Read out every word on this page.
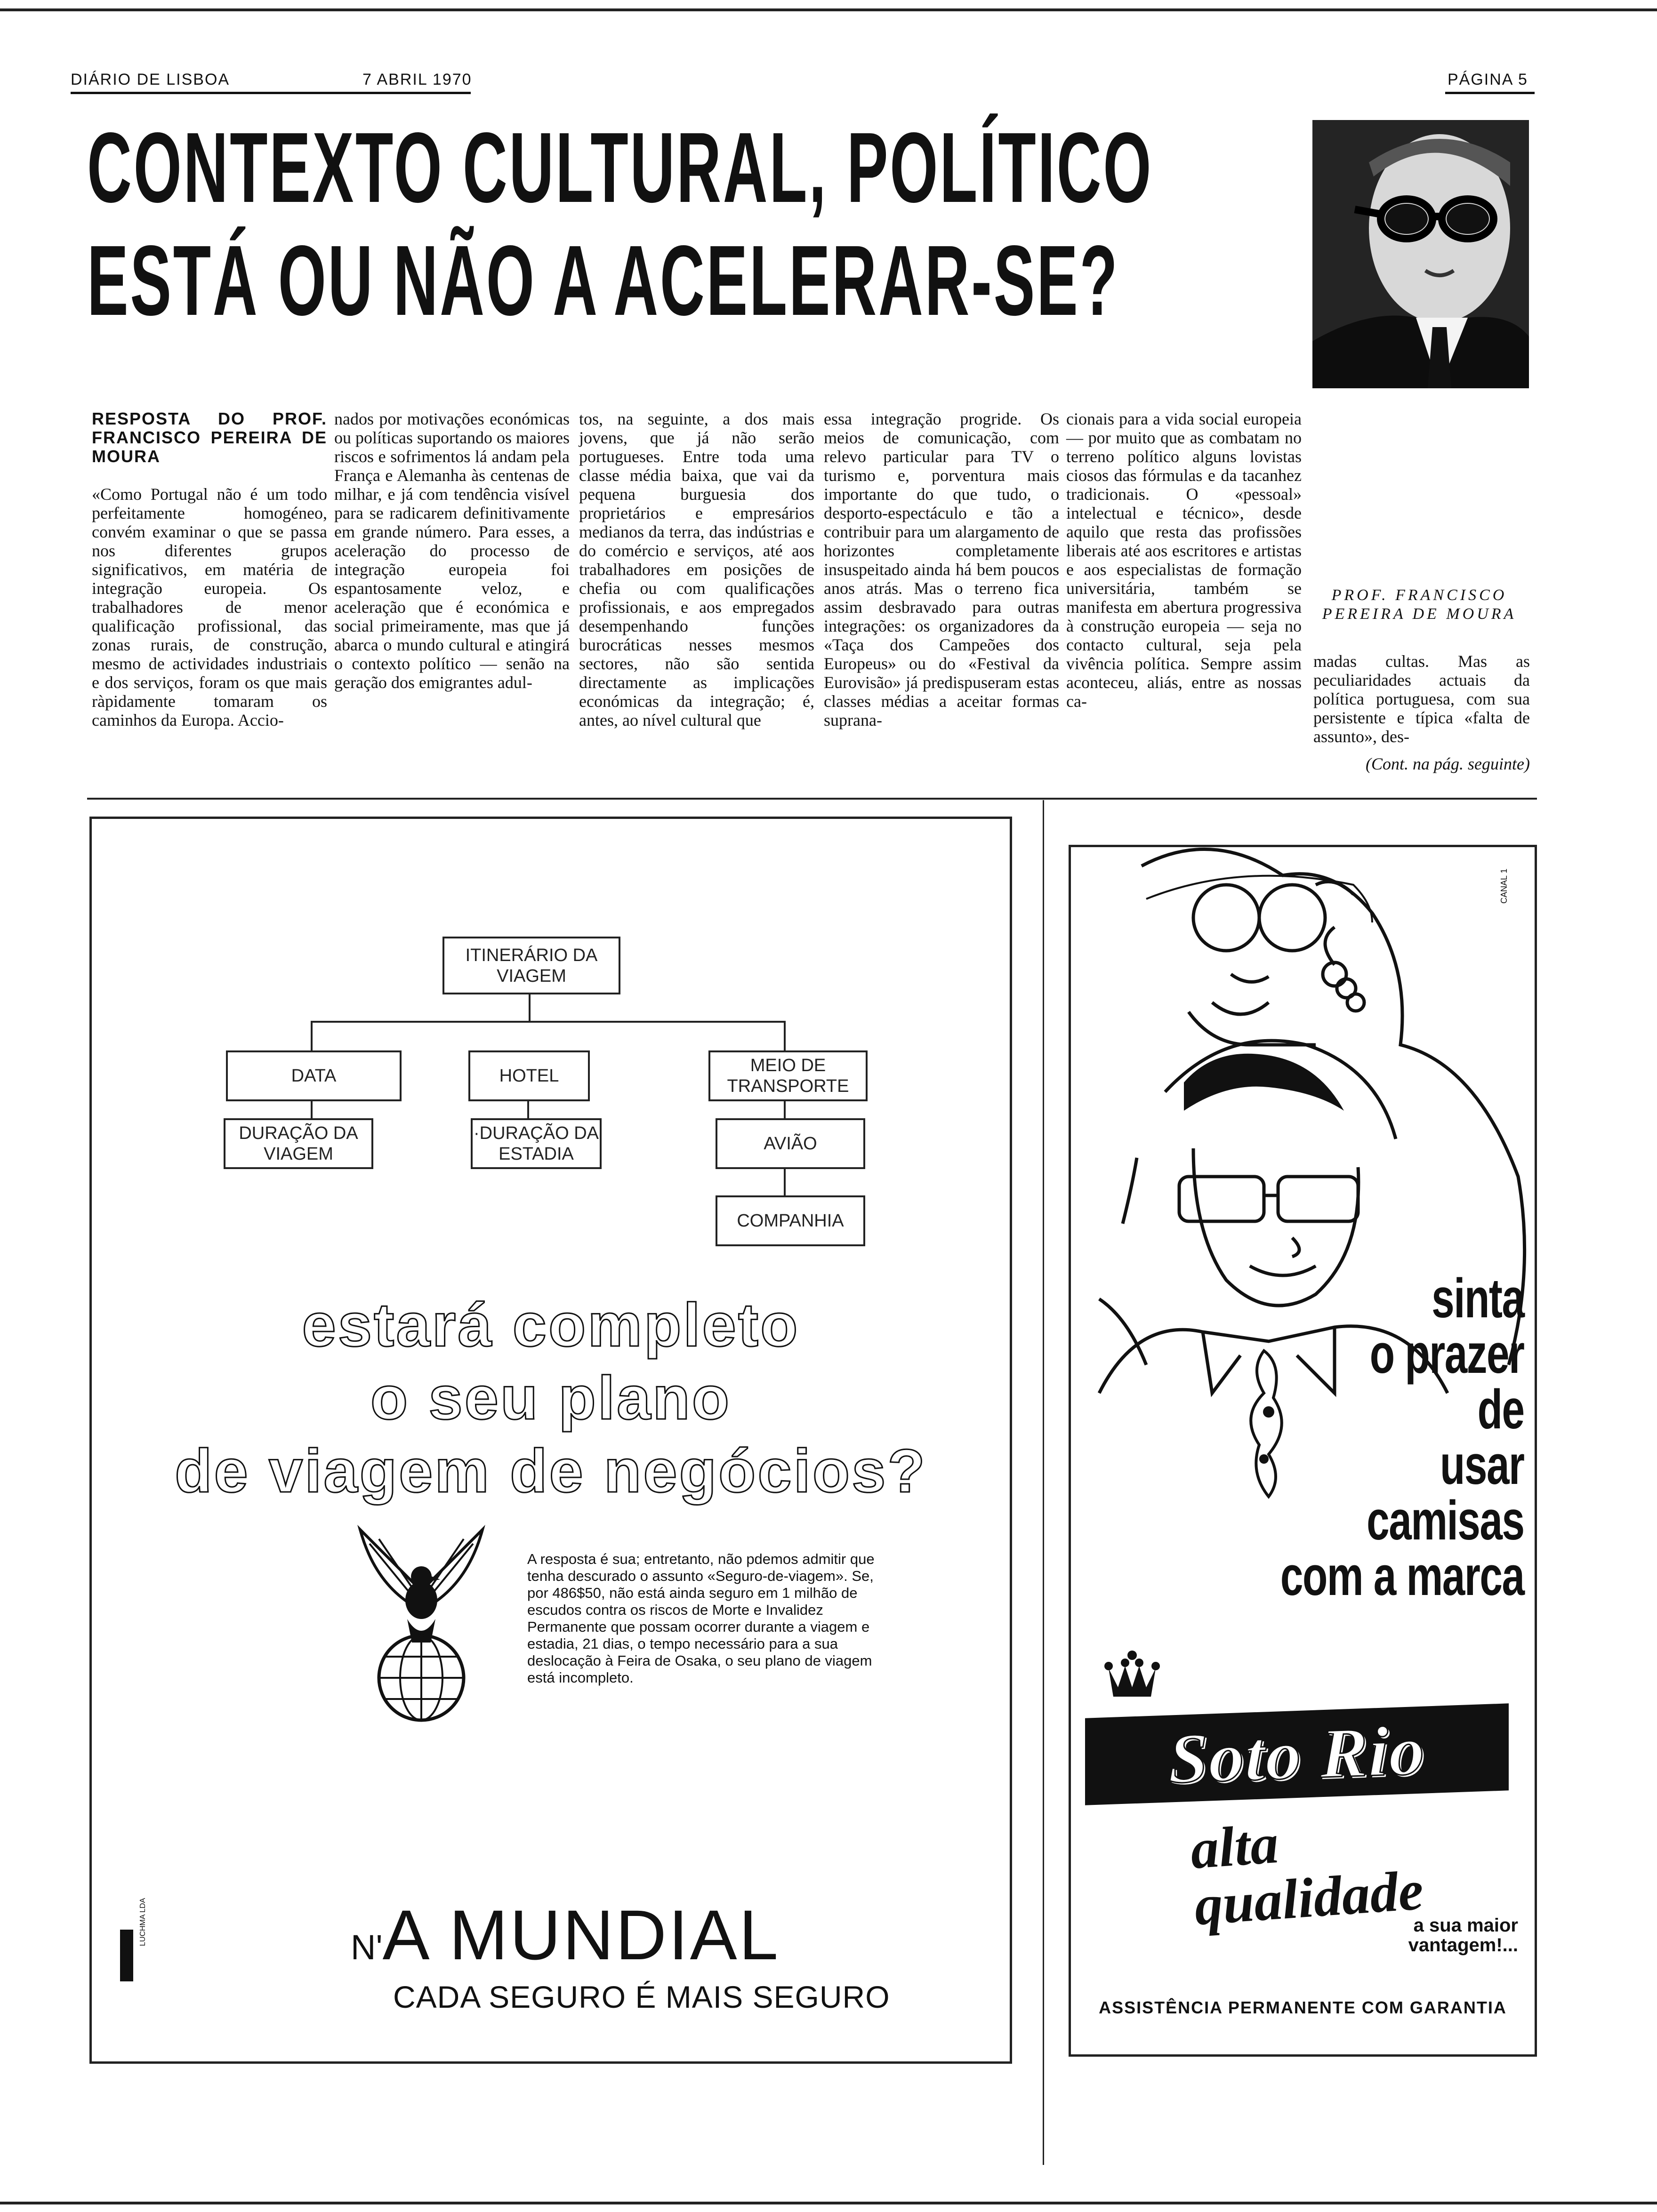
DIÁRIO DE LISBOA	7 ABRIL 1970	PÁGINA 5
CONTEXTO CULTURAL, POLÍTICO
ESTÁ OU NÃO A ACELERAR-SE?
RESPOSTA DO PROF. FRANCISCO PEREIRA DE MOURA

«Como Portugal não é um todo perfeitamente homogéneo, convém examinar o que se passa nos diferentes grupos significativos, em matéria de integração europeia. Os trabalhadores de menor qualificação profissional, das zonas rurais, de construção, mesmo de actividades industriais e dos serviços, foram os que mais ràpidamente tomaram os caminhos da Europa. Accio-

nados por motivações económicas ou políticas suportando os maiores riscos e sofrimentos lá andam pela França e Alemanha às centenas de milhar, e já com tendência visível para se radicarem definitivamente em grande número. Para esses, a aceleração do processo de integração europeia foi espantosamente veloz, e aceleração que é económica e social primeiramente, mas que já abarca o mundo cultural e atingirá o contexto político — senão na geração dos emigrantes adul-

tos, na seguinte, a dos mais jovens, que já não serão portugueses. Entre toda uma classe média baixa, que vai da pequena burguesia dos proprietários e empresários medianos da terra, das indústrias e do comércio e serviços, até aos trabalhadores em posições de chefia ou com qualificações profissionais, e aos empregados desempenhando funções burocráticas nesses mesmos sectores, não são sentida directamente as implicações económicas da integração; é, antes, ao nível cultural que

essa integração progride. Os meios de comunicação, com relevo particular para TV o turismo e, porventura mais importante do que tudo, o desporto-espectáculo e tão a contribuir para um alargamento de horizontes completamente insuspeitado ainda há bem poucos anos atrás. Mas o terreno fica assim desbravado para outras integrações: os organizadores da «Taça dos Campeões dos Europeus» ou do «Festival da Eurovisão» já predispuseram estas classes médias a aceitar formas suprana-

cionais para a vida social europeia — por muito que as combatam no terreno político alguns lovistas ciosos das fórmulas e da tacanhez tradicionais. O «pessoal» intelectual e técnico», desde aquilo que resta das profissões liberais até aos escritores e artistas e aos especialistas de formação universitária, também se manifesta em abertura progressiva à construção europeia — seja no contacto cultural, seja pela vivência política. Sempre assim aconteceu, aliás, entre as nossas ca-

madas cultas. Mas as peculiaridades actuais da política portuguesa, com sua persistente e típica «falta de assunto», des-

(Cont. na pág. seguinte)
PROF. FRANCISCO PEREIRA DE MOURA
ITINERÁRIO DA VIAGEM
DATA	HOTEL
MEIO DE TRANSPORTE
DURAÇÃO DA VIAGEM
·DURAÇÃO DA ESTADIA
AVIÃO
COMPANHIA
estará completo
o seu plano
de viagem de negócios?
A resposta é sua; entretanto, não pdemos admitir que tenha descurado o assunto «Seguro-de-viagem». Se, por 486$50, não está ainda seguro em 1 milhão de escudos contra os riscos de Morte e Invalidez Permanente que possam ocorrer durante a viagem e estadia, 21 dias, o tempo necessário para a sua deslocação à Feira de Osaka, o seu plano de viagem está incompleto.
LUCHMA LDA
N'A MUNDIAL
CADA SEGURO É MAIS SEGURO
CANAL 1
sinta
o prazer
de
usar
camisas
com a marca
Soto Rio
alta qualidade
a sua maior vantagem!...
ASSISTÊNCIA PERMANENTE COM GARANTIA
